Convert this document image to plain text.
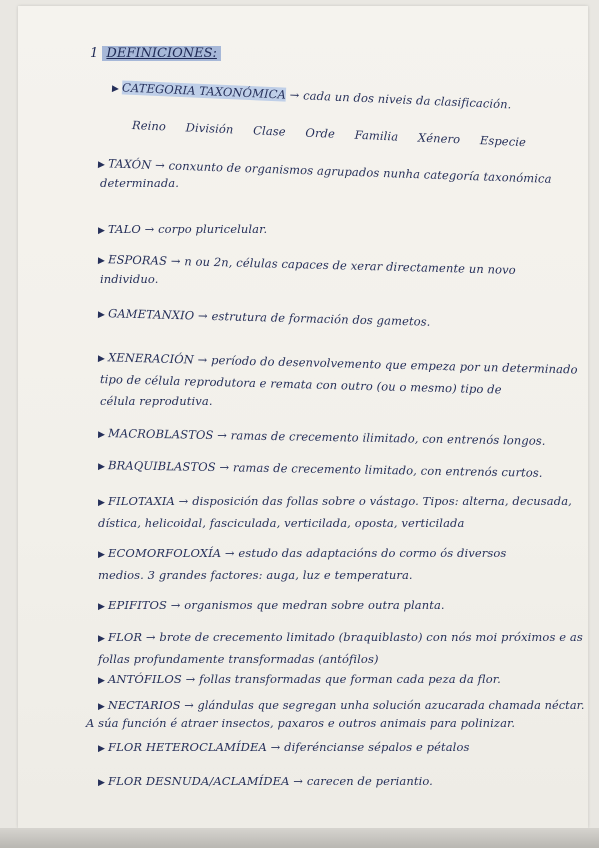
1 DEFINICIONES:
▶ CATEGORIA TAXONÓMICA → cada un dos niveis da clasificación.
Reino División Clase Orde Familia Xénero Especie
▶ TAXÓN → conxunto de organismos agrupados nunha categoría taxonómica
determinada.
▶ TALO → corpo pluricelular.
▶ ESPORAS → n ou 2n, células capaces de xerar directamente un novo
individuo.
▶ GAMETANXIO → estrutura de formación dos gametos.
▶ XENERACIÓN → período do desenvolvemento que empeza por un determinado
tipo de célula reprodutora e remata con outro (ou o mesmo) tipo de
célula reprodutiva.
▶ MACROBLASTOS → ramas de crecemento ilimitado, con entrenós longos.
▶ BRAQUIBLASTOS → ramas de crecemento limitado, con entrenós curtos.
▶ FILOTAXIA → disposición das follas sobre o vástago. Tipos: alterna, decusada,
dística, helicoidal, fasciculada, verticilada, oposta, verticilada
▶ ECOMORFOLOXÍA → estudo das adaptacións do cormo ós diversos
medios. 3 grandes factores: auga, luz e temperatura.
▶ EPIFITOS → organismos que medran sobre outra planta.
▶ FLOR → brote de crecemento limitado (braquiblasto) con nós moi próximos e as
follas profundamente transformadas (antófilos)
▶ ANTÓFILOS → follas transformadas que forman cada peza da flor.
▶ NECTARIOS → glándulas que segregan unha solución azucarada chamada néctar.
A súa función é atraer insectos, paxaros e outros animais para polinizar.
▶ FLOR HETEROCLAMÍDEA → diferéncianse sépalos e pétalos
▶ FLOR DESNUDA/ACLAMÍDEA → carecen de periantio.
